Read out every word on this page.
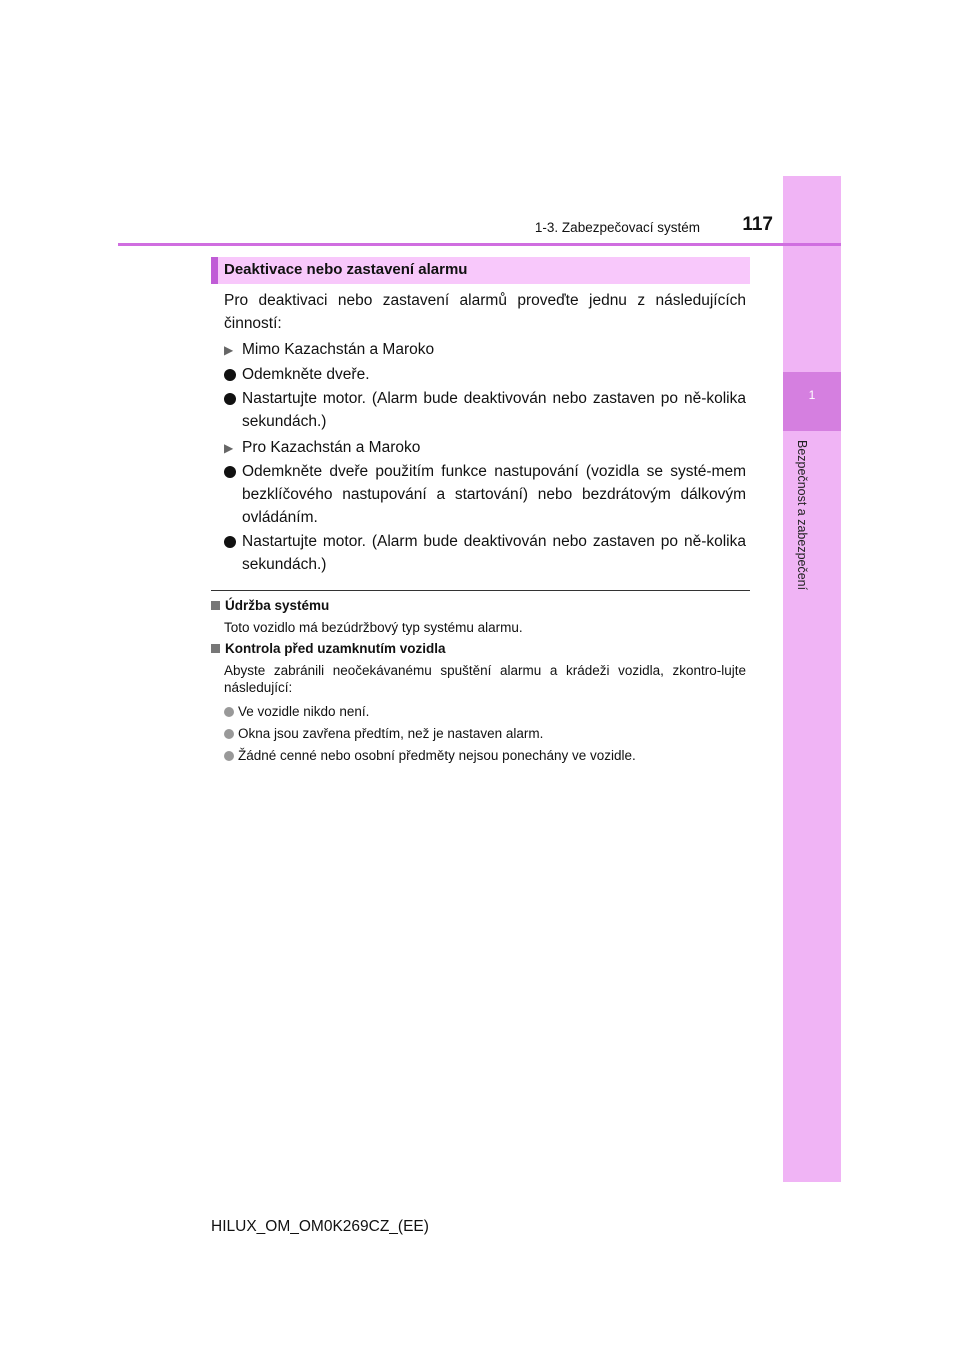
1
Bezpečnost a zabezpečení
1-3. Zabezpečovací systém	117
Deaktivace nebo zastavení alarmu
Pro deaktivaci nebo zastavení alarmů proveďte jednu z následujících činností:
▶ Mimo Kazachstán a Maroko
Odemkněte dveře.
Nastartujte motor. (Alarm bude deaktivován nebo zastaven po ně-kolika sekundách.)
▶ Pro Kazachstán a Maroko
Odemkněte dveře použitím funkce nastupování (vozidla se systé-mem bezklíčového nastupování a startování) nebo bezdrátovým dálkovým ovládáním.
Nastartujte motor. (Alarm bude deaktivován nebo zastaven po ně-kolika sekundách.)
Údržba systému
Toto vozidlo má bezúdržbový typ systému alarmu.
Kontrola před uzamknutím vozidla
Abyste zabránili neočekávanému spuštění alarmu a krádeži vozidla, zkontro-lujte následující:
Ve vozidle nikdo není.
Okna jsou zavřena předtím, než je nastaven alarm.
Žádné cenné nebo osobní předměty nejsou ponechány ve vozidle.
HILUX_OM_OM0K269CZ_(EE)
